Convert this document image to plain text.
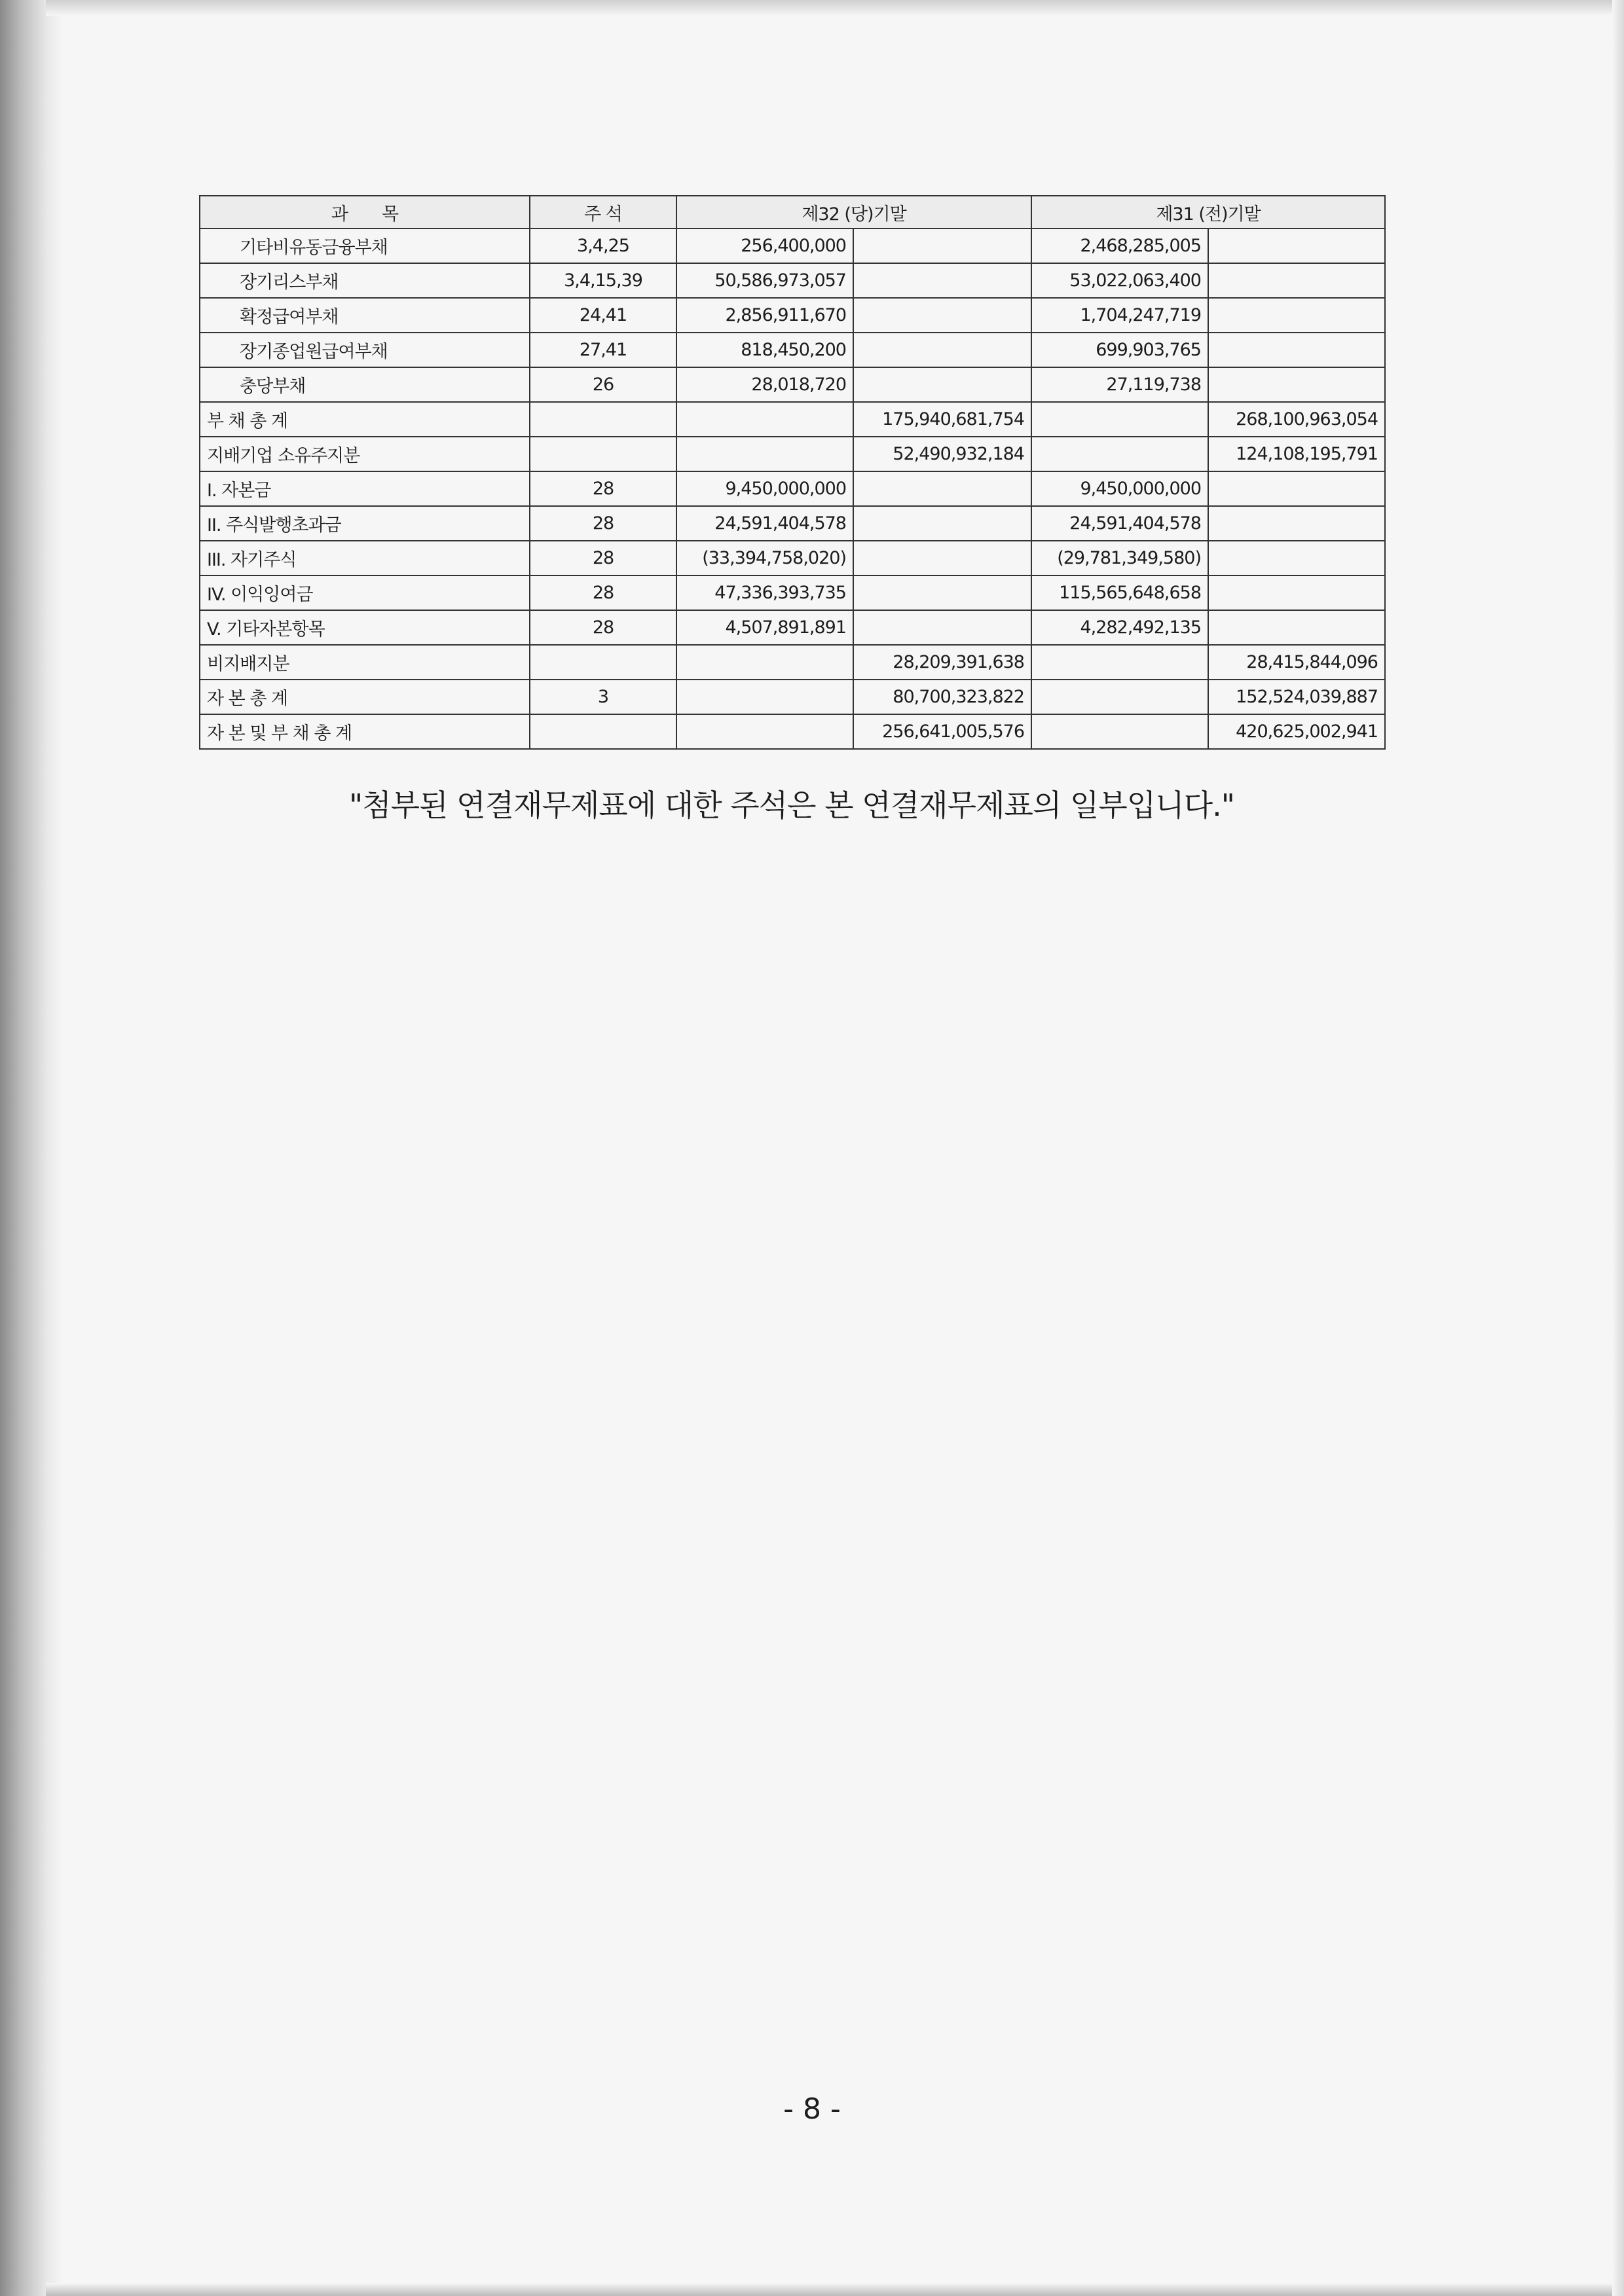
과　　목	주 석	제32 (당)기말		제31 (전)기말	
기타비유동금융부채	3,4,25	256,400,000		2,468,285,005	
장기리스부채	3,4,15,39	50,586,973,057		53,022,063,400	
확정급여부채	24,41	2,856,911,670		1,704,247,719	
장기종업원급여부채	27,41	818,450,200		699,903,765	
충당부채	26	28,018,720		27,119,738	
부 채 총 계			175,940,681,754		268,100,963,054
지배기업 소유주지분			52,490,932,184		124,108,195,791
I. 자본금	28	9,450,000,000		9,450,000,000	
II. 주식발행초과금	28	24,591,404,578		24,591,404,578	
III. 자기주식	28	(33,394,758,020)		(29,781,349,580)	
IV. 이익잉여금	28	47,336,393,735		115,565,648,658	
V. 기타자본항목	28	4,507,891,891		4,282,492,135	
비지배지분			28,209,391,638		28,415,844,096
자 본 총 계	3		80,700,323,822		152,524,039,887
자 본 및 부 채 총 계			256,641,005,576		420,625,002,941
"첨부된 연결재무제표에 대한 주석은 본 연결재무제표의 일부입니다."
- 8 -
